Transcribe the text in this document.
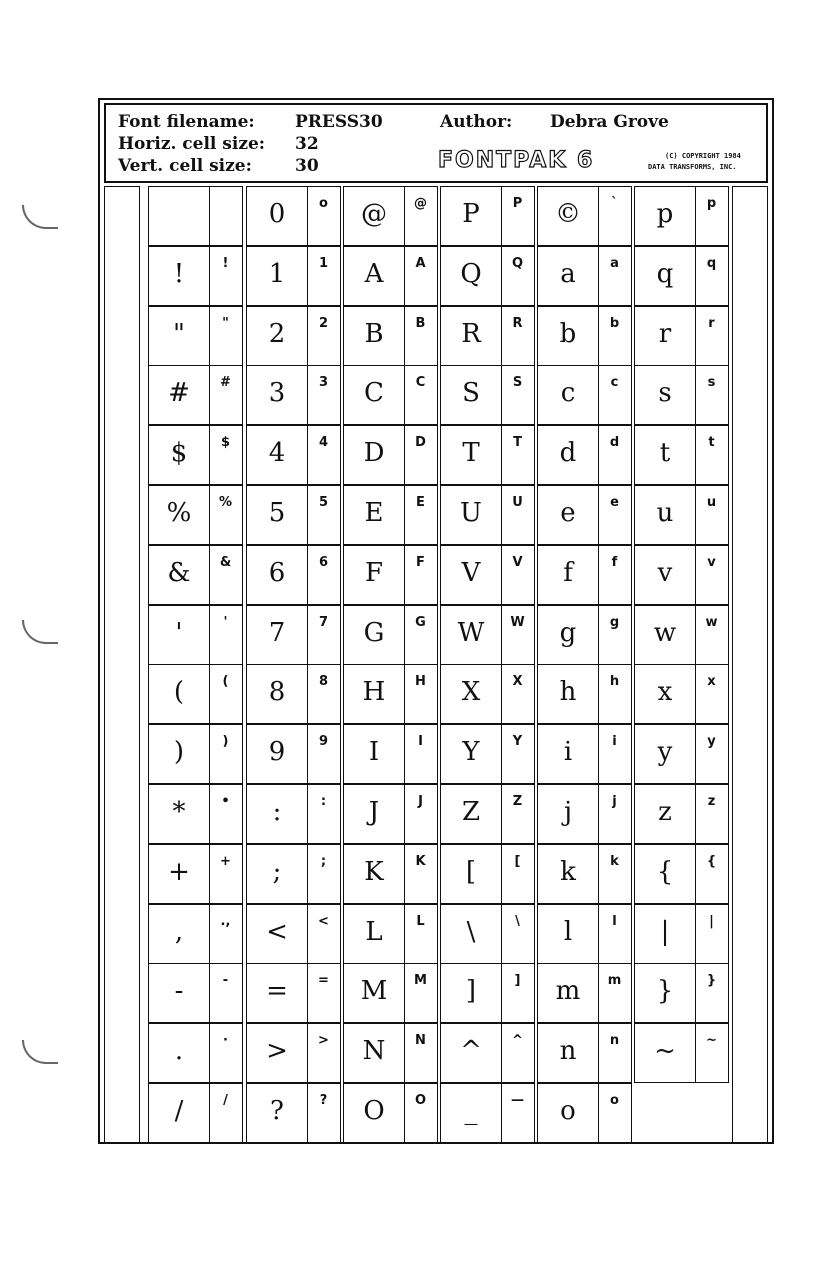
Font filename: PRESS30	Author: Debra Grove
Horiz. cell size: 32
Vert. cell size:	30	FONTPAK 6	(C) COPYRIGHT 1984
DATA TRANSFORMS, INC.
!	!
"	"
#	#
$	$
%	%
&	&
'	'
(	(
)	)
*	•
+	+
,	.,
-	-
.	·
/	/
0	o
1	1
2	2
3	3
4	4
5	5
6	6
7	7
8	8
9	9
:	:
;	;
<	<
=	=
>	>
?	?
@	@
A	A
B	B
C	C
D	D
E	E
F	F
G	G
H	H
I	I
J	J
K	K
L	L
M	M
N	N
O	O
P	P
Q	Q
R	R
S	S
T	T
U	U
V	V
W	W
X	X
Y	Y
Z	Z
[	[
\	\
]	]
^	^
_	—
©	`
a	a
b	b
c	c
d	d
e	e
f	f
g	g
h	h
i	i
j	j
k	k
l	l
m	m
n	n
o	o
p	p
q	q
r	r
s	s
t	t
u	u
v	v
w	w
x	x
y	y
z	z
{	{
|	|
}	}
~	~
